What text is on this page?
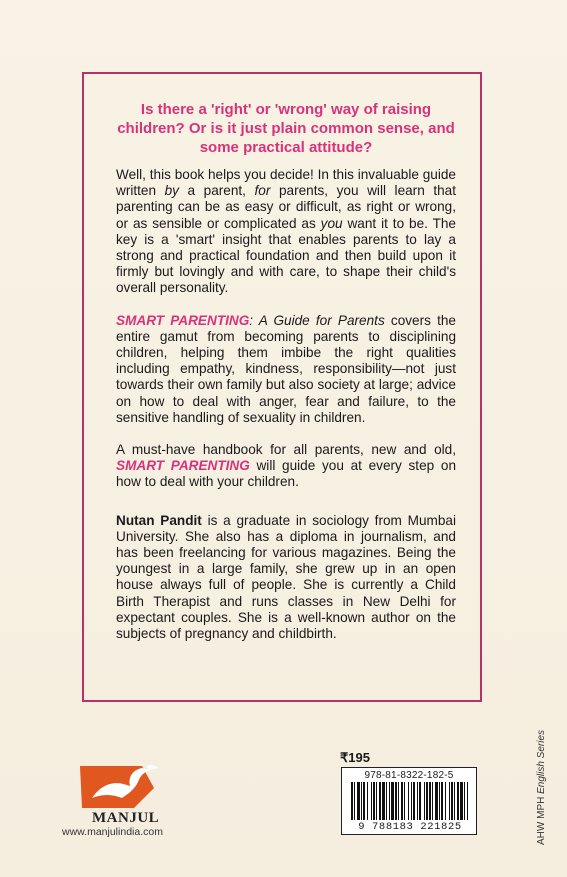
Is there a 'right' or 'wrong' way of raising children? Or is it just plain common sense, and some practical attitude?

Well, this book helps you decide! In this invaluable guide written by a parent, for parents, you will learn that parenting can be as easy or difficult, as right or wrong, or as sensible or complicated as you want it to be. The key is a 'smart' insight that enables parents to lay a strong and practical foundation and then build upon it firmly but lovingly and with care, to shape their child's overall personality.

SMART PARENTING: A Guide for Parents covers the entire gamut from becoming parents to disciplining children, helping them imbibe the right qualities including empathy, kindness, responsibility—not just towards their own family but also society at large; advice on how to deal with anger, fear and failure, to the sensitive handling of sexuality in children.

A must-have handbook for all parents, new and old, SMART PARENTING will guide you at every step on how to deal with your children.

Nutan Pandit is a graduate in sociology from Mumbai University. She also has a diploma in journalism, and has been freelancing for various magazines. Being the youngest in a large family, she grew up in an open house always full of people. She is currently a Child Birth Therapist and runs classes in New Delhi for expectant couples. She is a well-known author on the subjects of pregnancy and childbirth.

MANJUL
www.manjulindia.com
₹195
978-81-8322-182-5
9 788183 221825	AHW MPH English Series
